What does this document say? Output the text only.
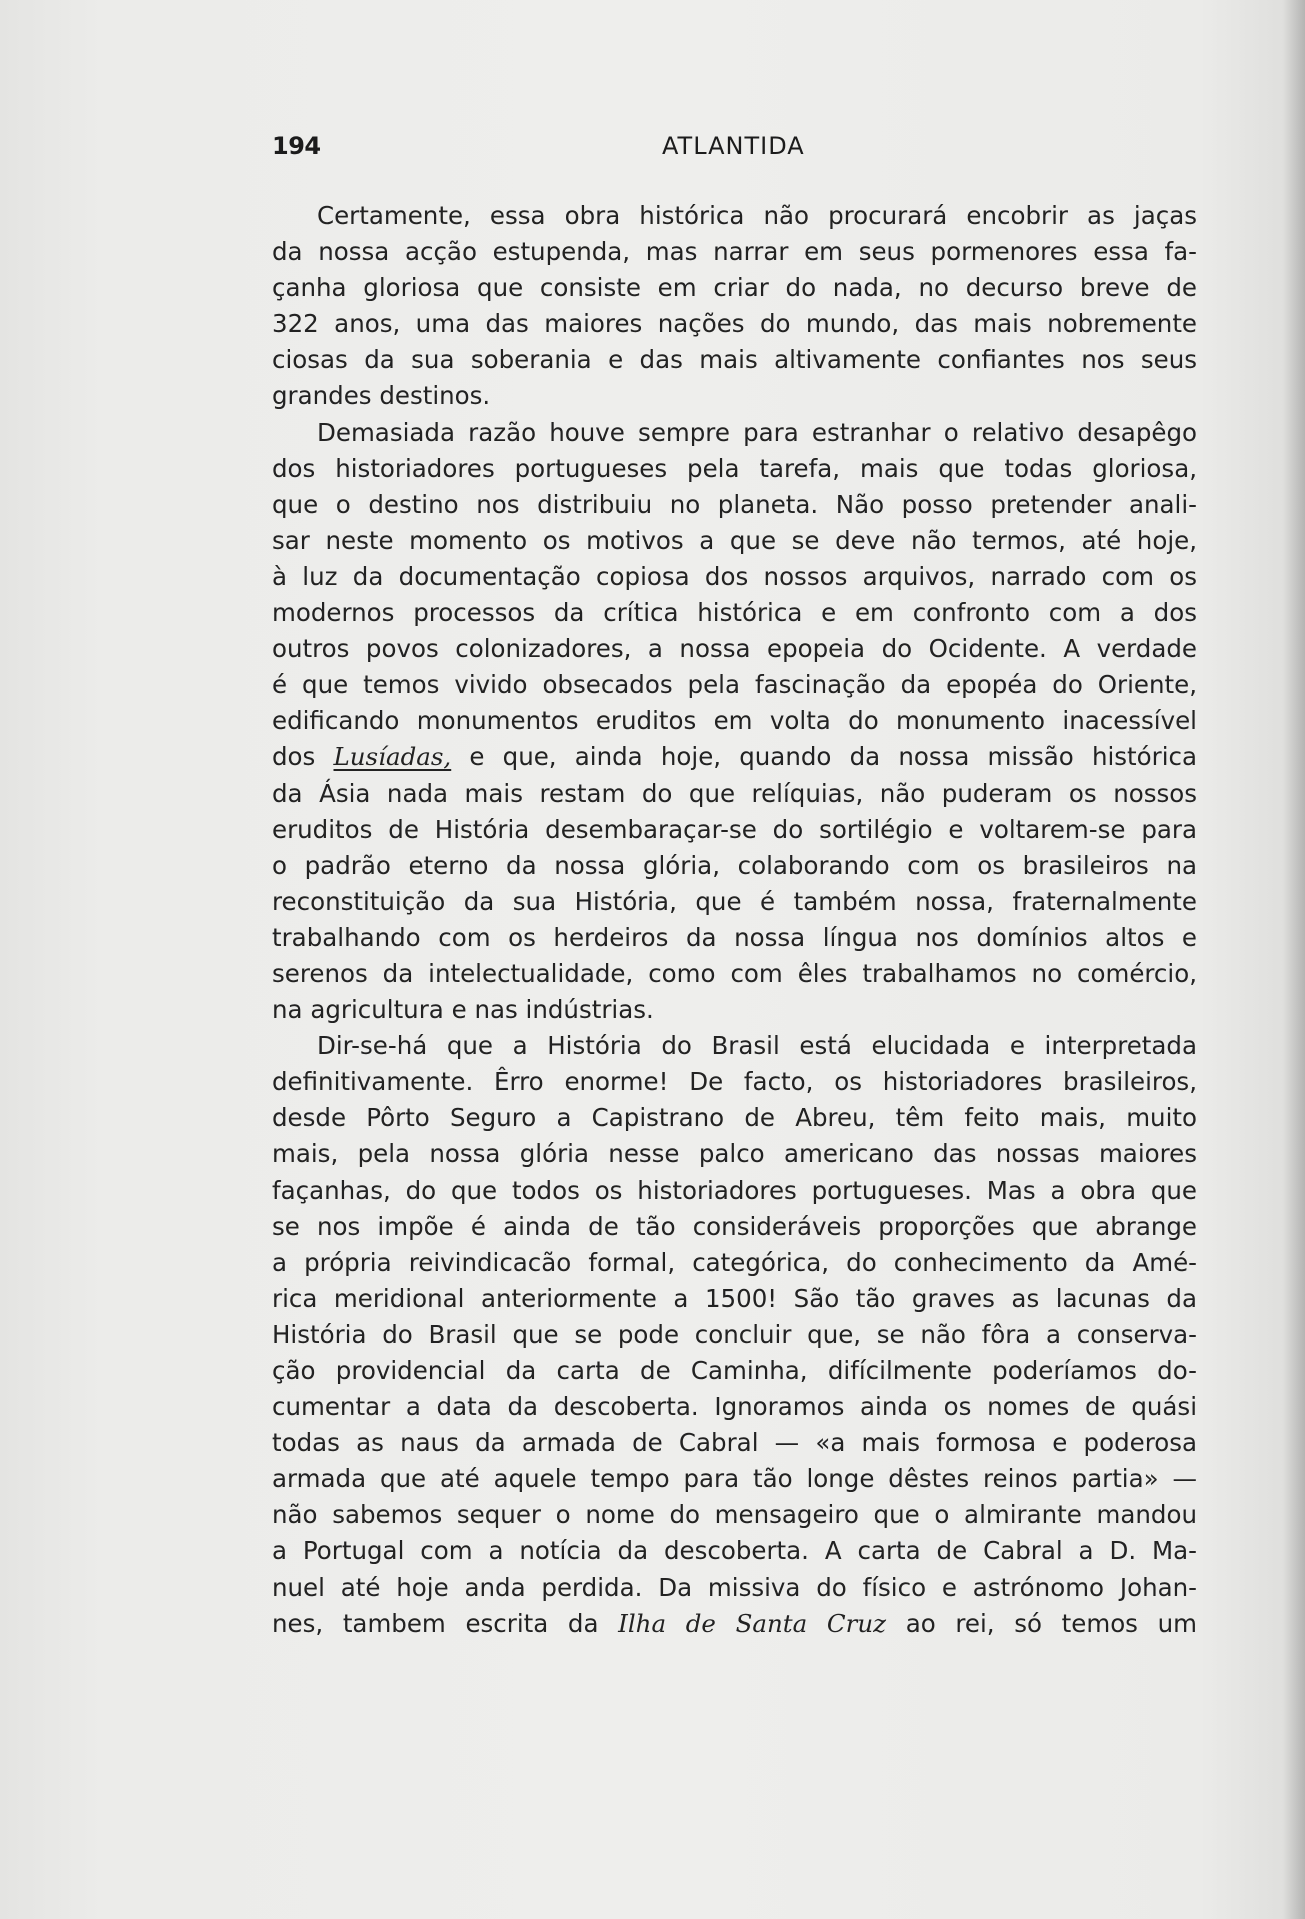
194	ATLANTIDA
Certamente, essa obra histórica não procurará encobrir as jaças
da nossa acção estupenda, mas narrar em seus pormenores essa fa-
çanha gloriosa que consiste em criar do nada, no decurso breve de
322 anos, uma das maiores nações do mundo, das mais nobremente
ciosas da sua soberania e das mais altivamente confiantes nos seus
grandes destinos.
Demasiada razão houve sempre para estranhar o relativo desapêgo
dos historiadores portugueses pela tarefa, mais que todas gloriosa,
que o destino nos distribuiu no planeta. Não posso pretender anali-
sar neste momento os motivos a que se deve não termos, até hoje,
à luz da documentação copiosa dos nossos arquivos, narrado com os
modernos processos da crítica histórica e em confronto com a dos
outros povos colonizadores, a nossa epopeia do Ocidente. A verdade
é que temos vivido obsecados pela fascinação da epopéa do Oriente,
edificando monumentos eruditos em volta do monumento inacessível
dos Lusíadas, e que, ainda hoje, quando da nossa missão histórica
da Ásia nada mais restam do que relíquias, não puderam os nossos
eruditos de História desembaraçar-se do sortilégio e voltarem-se para
o padrão eterno da nossa glória, colaborando com os brasileiros na
reconstituição da sua História, que é também nossa, fraternalmente
trabalhando com os herdeiros da nossa língua nos domínios altos e
serenos da intelectualidade, como com êles trabalhamos no comércio,
na agricultura e nas indústrias.
Dir-se-há que a História do Brasil está elucidada e interpretada
definitivamente. Êrro enorme! De facto, os historiadores brasileiros,
desde Pôrto Seguro a Capistrano de Abreu, têm feito mais, muito
mais, pela nossa glória nesse palco americano das nossas maiores
façanhas, do que todos os historiadores portugueses. Mas a obra que
se nos impõe é ainda de tão consideráveis proporções que abrange
a própria reivindicacão formal, categórica, do conhecimento da Amé-
rica meridional anteriormente a 1500! São tão graves as lacunas da
História do Brasil que se pode concluir que, se não fôra a conserva-
ção providencial da carta de Caminha, difícilmente poderíamos do-
cumentar a data da descoberta. Ignoramos ainda os nomes de quási
todas as naus da armada de Cabral — «a mais formosa e poderosa
armada que até aquele tempo para tão longe dêstes reinos partia» —
não sabemos sequer o nome do mensageiro que o almirante mandou
a Portugal com a notícia da descoberta. A carta de Cabral a D. Ma-
nuel até hoje anda perdida. Da missiva do físico e astrónomo Johan-
nes, tambem escrita da Ilha de Santa Cruz ao rei, só temos um
